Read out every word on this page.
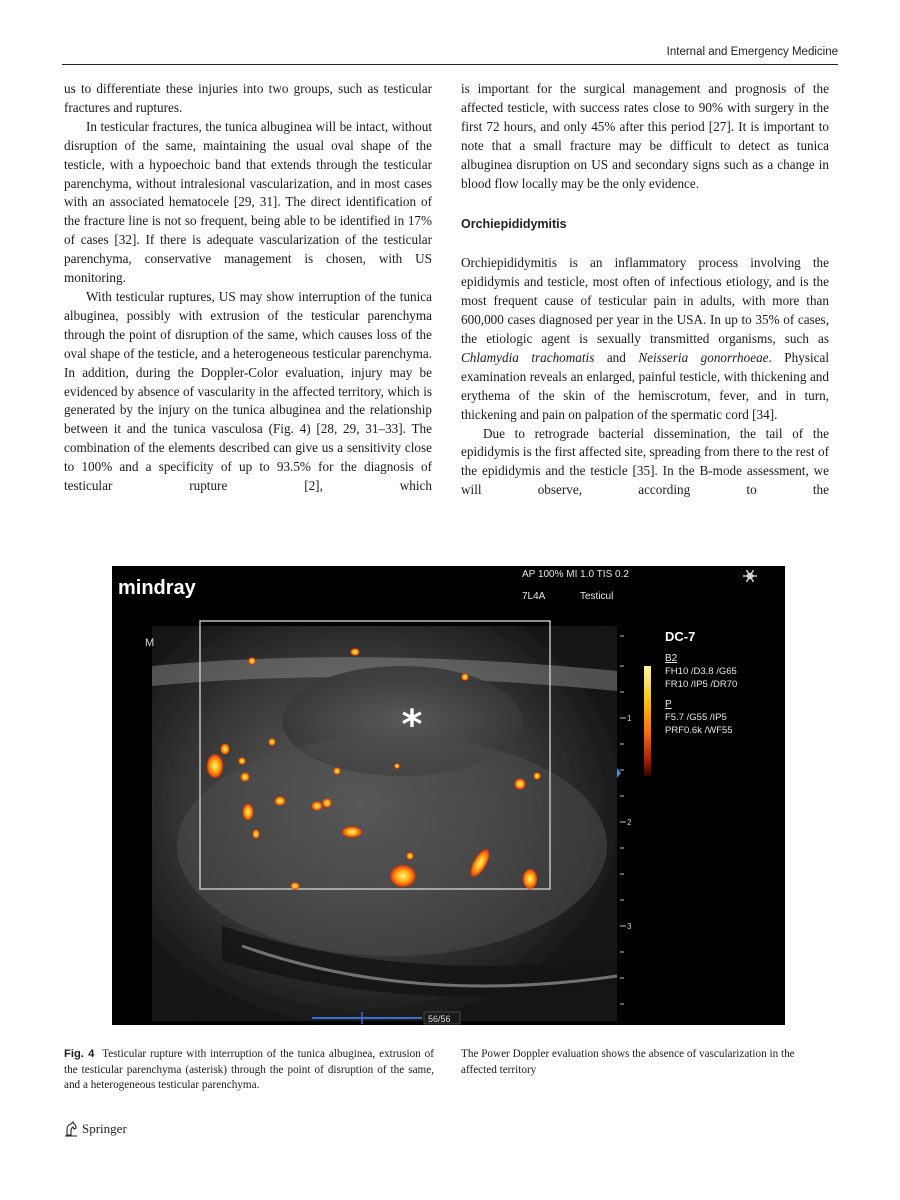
Internal and Emergency Medicine

us to differentiate these injuries into two groups, such as testicular fractures and ruptures.

In testicular fractures, the tunica albuginea will be intact, without disruption of the same, maintaining the usual oval shape of the testicle, with a hypoechoic band that extends through the testicular parenchyma, without intralesional vascularization, and in most cases with an associated hematocele [29, 31]. The direct identification of the fracture line is not so frequent, being able to be identified in 17% of cases [32]. If there is adequate vascularization of the testicular parenchyma, conservative management is chosen, with US monitoring.

With testicular ruptures, US may show interruption of the tunica albuginea, possibly with extrusion of the testicular parenchyma through the point of disruption of the same, which causes loss of the oval shape of the testicle, and a heterogeneous testicular parenchyma. In addition, during the Doppler-Color evaluation, injury may be evidenced by absence of vascularity in the affected territory, which is generated by the injury on the tunica albuginea and the relationship between it and the tunica vasculosa (Fig. 4) [28, 29, 31–33]. The combination of the elements described can give us a sensitivity close to 100% and a specificity of up to 93.5% for the diagnosis of testicular rupture [2], which

is important for the surgical management and prognosis of the affected testicle, with success rates close to 90% with surgery in the first 72 hours, and only 45% after this period [27]. It is important to note that a small fracture may be difficult to detect as tunica albuginea disruption on US and secondary signs such as a change in blood flow locally may be the only evidence.

Orchiepididymitis

Orchiepididymitis is an inflammatory process involving the epididymis and testicle, most often of infectious etiology, and is the most frequent cause of testicular pain in adults, with more than 600,000 cases diagnosed per year in the USA. In up to 35% of cases, the etiologic agent is sexually transmitted organisms, such as Chlamydia trachomatis and Neisseria gonorrhoeae. Physical examination reveals an enlarged, painful testicle, with thickening and erythema of the skin of the hemiscrotum, fever, and in turn, thickening and pain on palpation of the spermatic cord [34].

Due to retrograde bacterial dissemination, the tail of the epididymis is the first affected site, spreading from there to the rest of the epididymis and the testicle [35]. In the B-mode assessment, we will observe, according to the

*
mindray
AP 100% MI 1.0 TIS 0.2
7L4A	Testicul
M
1
2
3
DC-7
B2
FH10 /D3.8 /G65
FR10 /IP5 /DR70
P
F5.7 /G55 /IP5
PRF0.6k /WF55
56/56
Fig. 4 Testicular rupture with interruption of the tunica albuginea, extrusion of the testicular parenchyma (asterisk) through the point of disruption of the same, and a heterogeneous testicular parenchyma.
The Power Doppler evaluation shows the absence of vascularization in the affected territory
Springer
